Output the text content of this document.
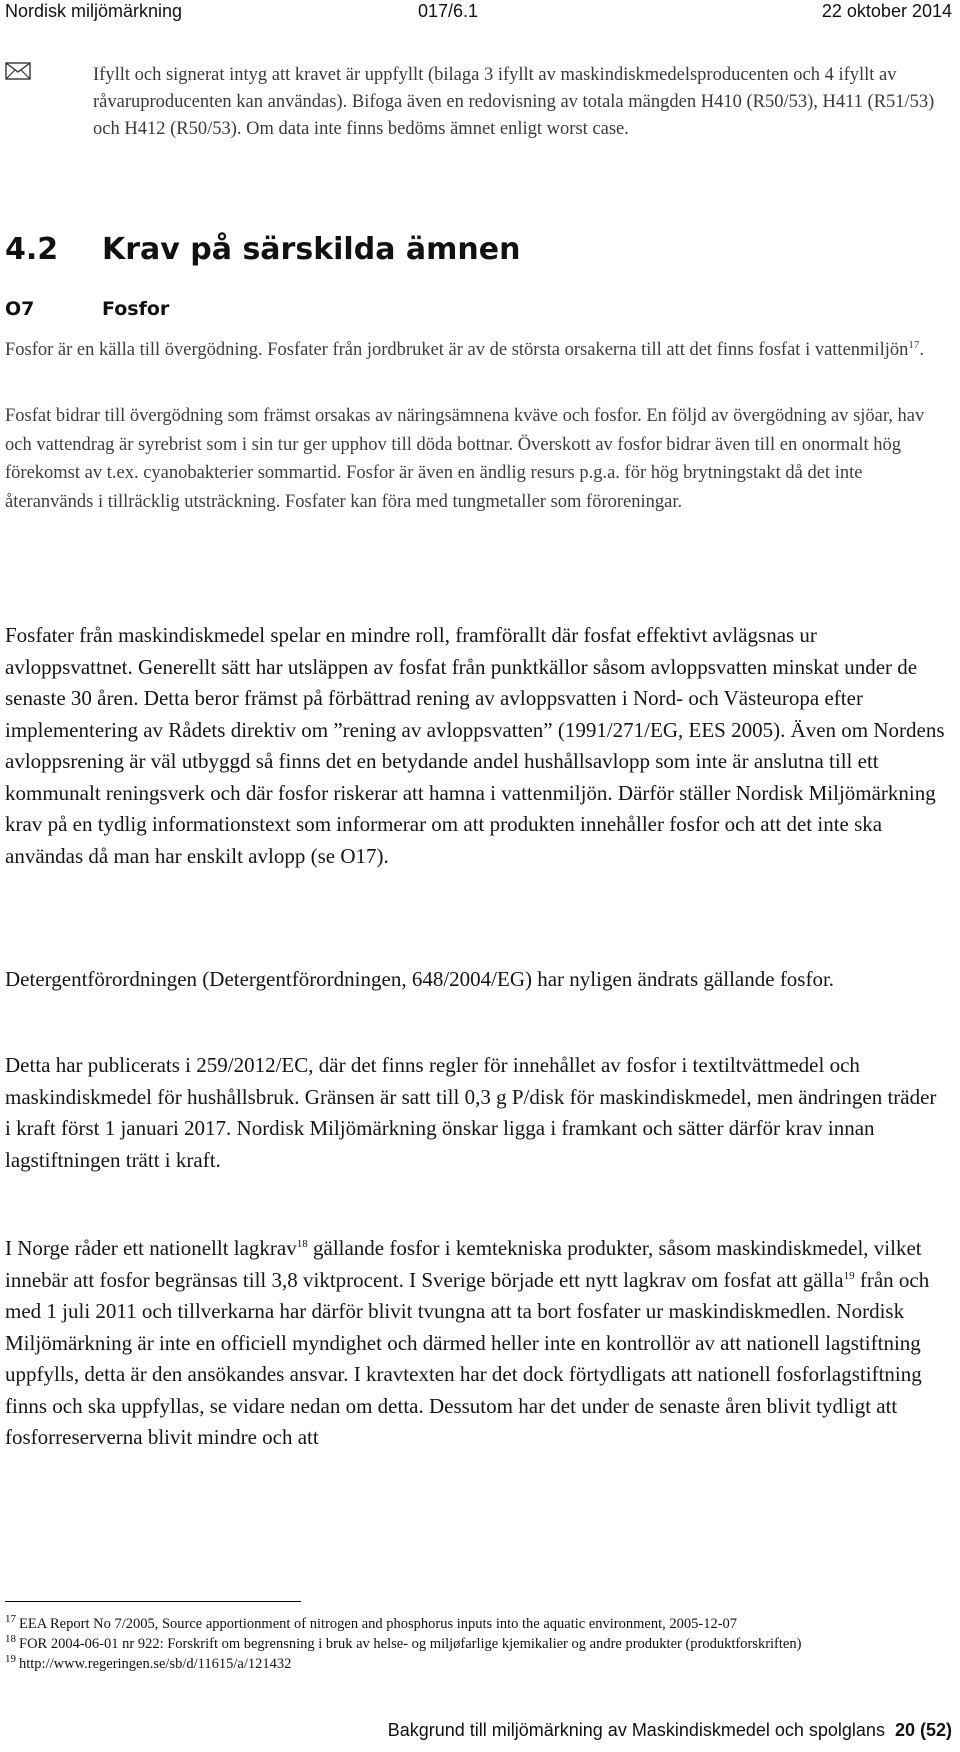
Nordisk miljömärkning	017/6.1	22 oktober 2014
Ifyllt och signerat intyg att kravet är uppfyllt (bilaga 3 ifyllt av maskindiskmedelsproducenten och 4 ifyllt av råvaruproducenten kan användas). Bifoga även en redovisning av totala mängden H410 (R50/53), H411 (R51/53) och H412 (R50/53). Om data inte finns bedöms ämnet enligt worst case.
4.2 Krav på särskilda ämnen
O7	Fosfor

Fosfor är en källa till övergödning. Fosfater från jordbruket är av de största orsakerna till att det finns fosfat i vattenmiljön$^{17}$.

Fosfat bidrar till övergödning som främst orsakas av näringsämnena kväve och fosfor. En följd av övergödning av sjöar, hav och vattendrag är syrebrist som i sin tur ger upphov till döda bottnar. Överskott av fosfor bidrar även till en onormalt hög förekomst av t.ex. cyanobakterier sommartid. Fosfor är även en ändlig resurs p.g.a. för hög brytningstakt då det inte återanvänds i tillräcklig utsträckning. Fosfater kan föra med tungmetaller som föroreningar.

Fosfater från maskindiskmedel spelar en mindre roll, framförallt där fosfat effektivt avlägsnas ur avloppsvattnet. Generellt sätt har utsläppen av fosfat från punktkällor såsom avloppsvatten minskat under de senaste 30 åren. Detta beror främst på förbättrad rening av avloppsvatten i Nord- och Västeuropa efter implementering av Rådets direktiv om ”rening av avloppsvatten” (1991/271/EG, EES 2005). Även om Nordens avloppsrening är väl utbyggd så finns det en betydande andel hushållsavlopp som inte är anslutna till ett kommunalt reningsverk och där fosfor riskerar att hamna i vattenmiljön. Därför ställer Nordisk Miljömärkning krav på en tydlig informationstext som informerar om att produkten innehåller fosfor och att det inte ska användas då man har enskilt avlopp (se O17).

Detergentförordningen (Detergentförordningen, 648/2004/EG) har nyligen ändrats gällande fosfor.

Detta har publicerats i 259/2012/EC, där det finns regler för innehållet av fosfor i textiltvättmedel och maskindiskmedel för hushållsbruk. Gränsen är satt till 0,3 g P/disk för maskindiskmedel, men ändringen träder i kraft först 1 januari 2017. Nordisk Miljömärkning önskar ligga i framkant och sätter därför krav innan lagstiftningen trätt i kraft.

I Norge råder ett nationellt lagkrav$^{18}$ gällande fosfor i kemtekniska produkter, såsom maskindiskmedel, vilket innebär att fosfor begränsas till 3,8 viktprocent. I Sverige började ett nytt lagkrav om fosfat att gälla$^{19}$ från och med 1 juli 2011 och tillverkarna har därför blivit tvungna att ta bort fosfater ur maskindiskmedlen. Nordisk Miljömärkning är inte en officiell myndighet och därmed heller inte en kontrollör av att nationell lagstiftning uppfylls, detta är den ansökandes ansvar. I kravtexten har det dock förtydligats att nationell fosforlagstiftning finns och ska uppfyllas, se vidare nedan om detta. Dessutom har det under de senaste åren blivit tydligt att fosforreserverna blivit mindre och att

$^{17}$ EEA Report No 7/2005, Source apportionment of nitrogen and phosphorus inputs into the aquatic environment, 2005-12-07

$^{18}$ FOR 2004-06-01 nr 922: Forskrift om begrensning i bruk av helse- og miljøfarlige kjemikalier og andre produkter (produktforskriften)

$^{19}$ http://www.regeringen.se/sb/d/11615/a/121432

Bakgrund till miljömärkning av Maskindiskmedel och spolglans 20 (52)
